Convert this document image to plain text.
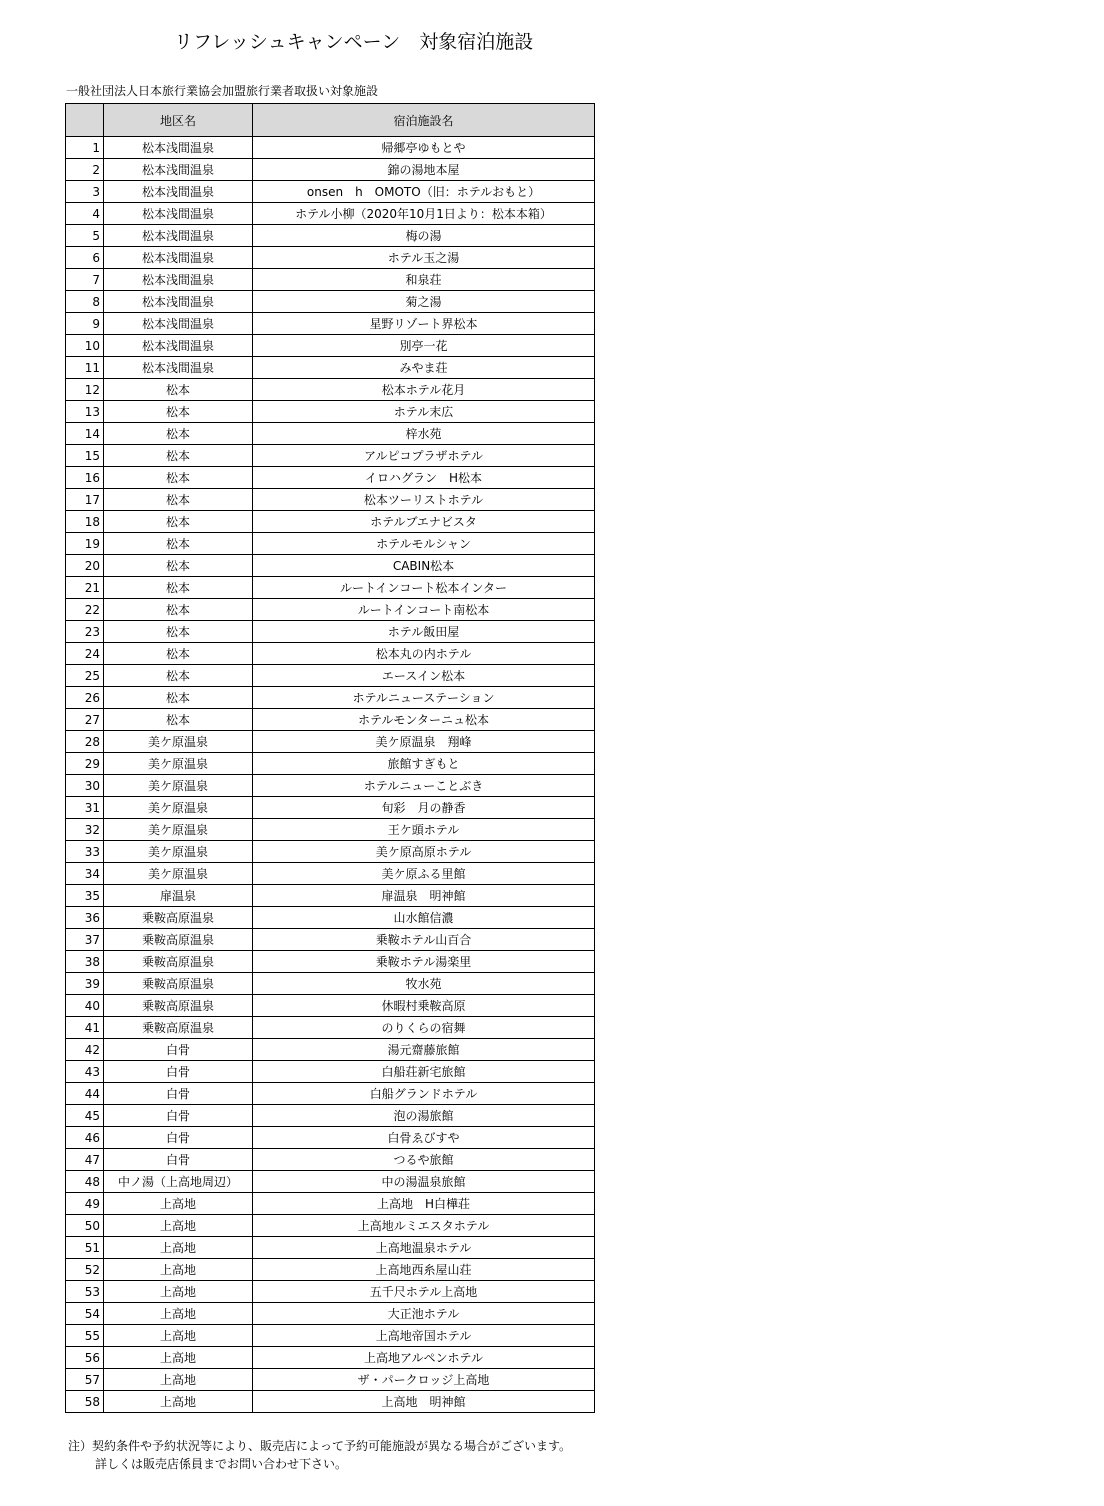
リフレッシュキャンペーン　対象宿泊施設
一般社団法人日本旅行業協会加盟旅行業者取扱い対象施設
	地区名	宿泊施設名
1	松本浅間温泉	帰郷亭ゆもとや
2	松本浅間温泉	錦の湯地本屋
3	松本浅間温泉	onsen　h　OMOTO（旧：ホテルおもと）
4	松本浅間温泉	ホテル小柳（2020年10月1日より：松本本箱）
5	松本浅間温泉	梅の湯
6	松本浅間温泉	ホテル玉之湯
7	松本浅間温泉	和泉荘
8	松本浅間温泉	菊之湯
9	松本浅間温泉	星野リゾート界松本
10	松本浅間温泉	別亭一花
11	松本浅間温泉	みやま荘
12	松本	松本ホテル花月
13	松本	ホテル末広
14	松本	梓水苑
15	松本	アルピコプラザホテル
16	松本	イロハグラン　H松本
17	松本	松本ツーリストホテル
18	松本	ホテルブエナビスタ
19	松本	ホテルモルシャン
20	松本	CABIN松本
21	松本	ルートインコート松本インター
22	松本	ルートインコート南松本
23	松本	ホテル飯田屋
24	松本	松本丸の内ホテル
25	松本	エースイン松本
26	松本	ホテルニューステーション
27	松本	ホテルモンターニュ松本
28	美ケ原温泉	美ケ原温泉　翔峰
29	美ケ原温泉	旅館すぎもと
30	美ケ原温泉	ホテルニューことぶき
31	美ケ原温泉	旬彩　月の静香
32	美ケ原温泉	王ケ頭ホテル
33	美ケ原温泉	美ケ原高原ホテル
34	美ケ原温泉	美ケ原ふる里館
35	扉温泉	扉温泉　明神館
36	乗鞍高原温泉	山水館信濃
37	乗鞍高原温泉	乗鞍ホテル山百合
38	乗鞍高原温泉	乗鞍ホテル湯楽里
39	乗鞍高原温泉	牧水苑
40	乗鞍高原温泉	休暇村乗鞍高原
41	乗鞍高原温泉	のりくらの宿舞
42	白骨	湯元齋藤旅館
43	白骨	白船荘新宅旅館
44	白骨	白船グランドホテル
45	白骨	泡の湯旅館
46	白骨	白骨ゑびすや
47	白骨	つるや旅館
48	中ノ湯（上高地周辺）	中の湯温泉旅館
49	上高地	上高地　H白樺荘
50	上高地	上高地ルミエスタホテル
51	上高地	上高地温泉ホテル
52	上高地	上高地西糸屋山荘
53	上高地	五千尺ホテル上高地
54	上高地	大正池ホテル
55	上高地	上高地帝国ホテル
56	上高地	上高地アルペンホテル
57	上高地	ザ・パークロッジ上高地
58	上高地	上高地　明神館
注）契約条件や予約状況等により、販売店によって予約可能施設が異なる場合がございます。
詳しくは販売店係員までお問い合わせ下さい。
